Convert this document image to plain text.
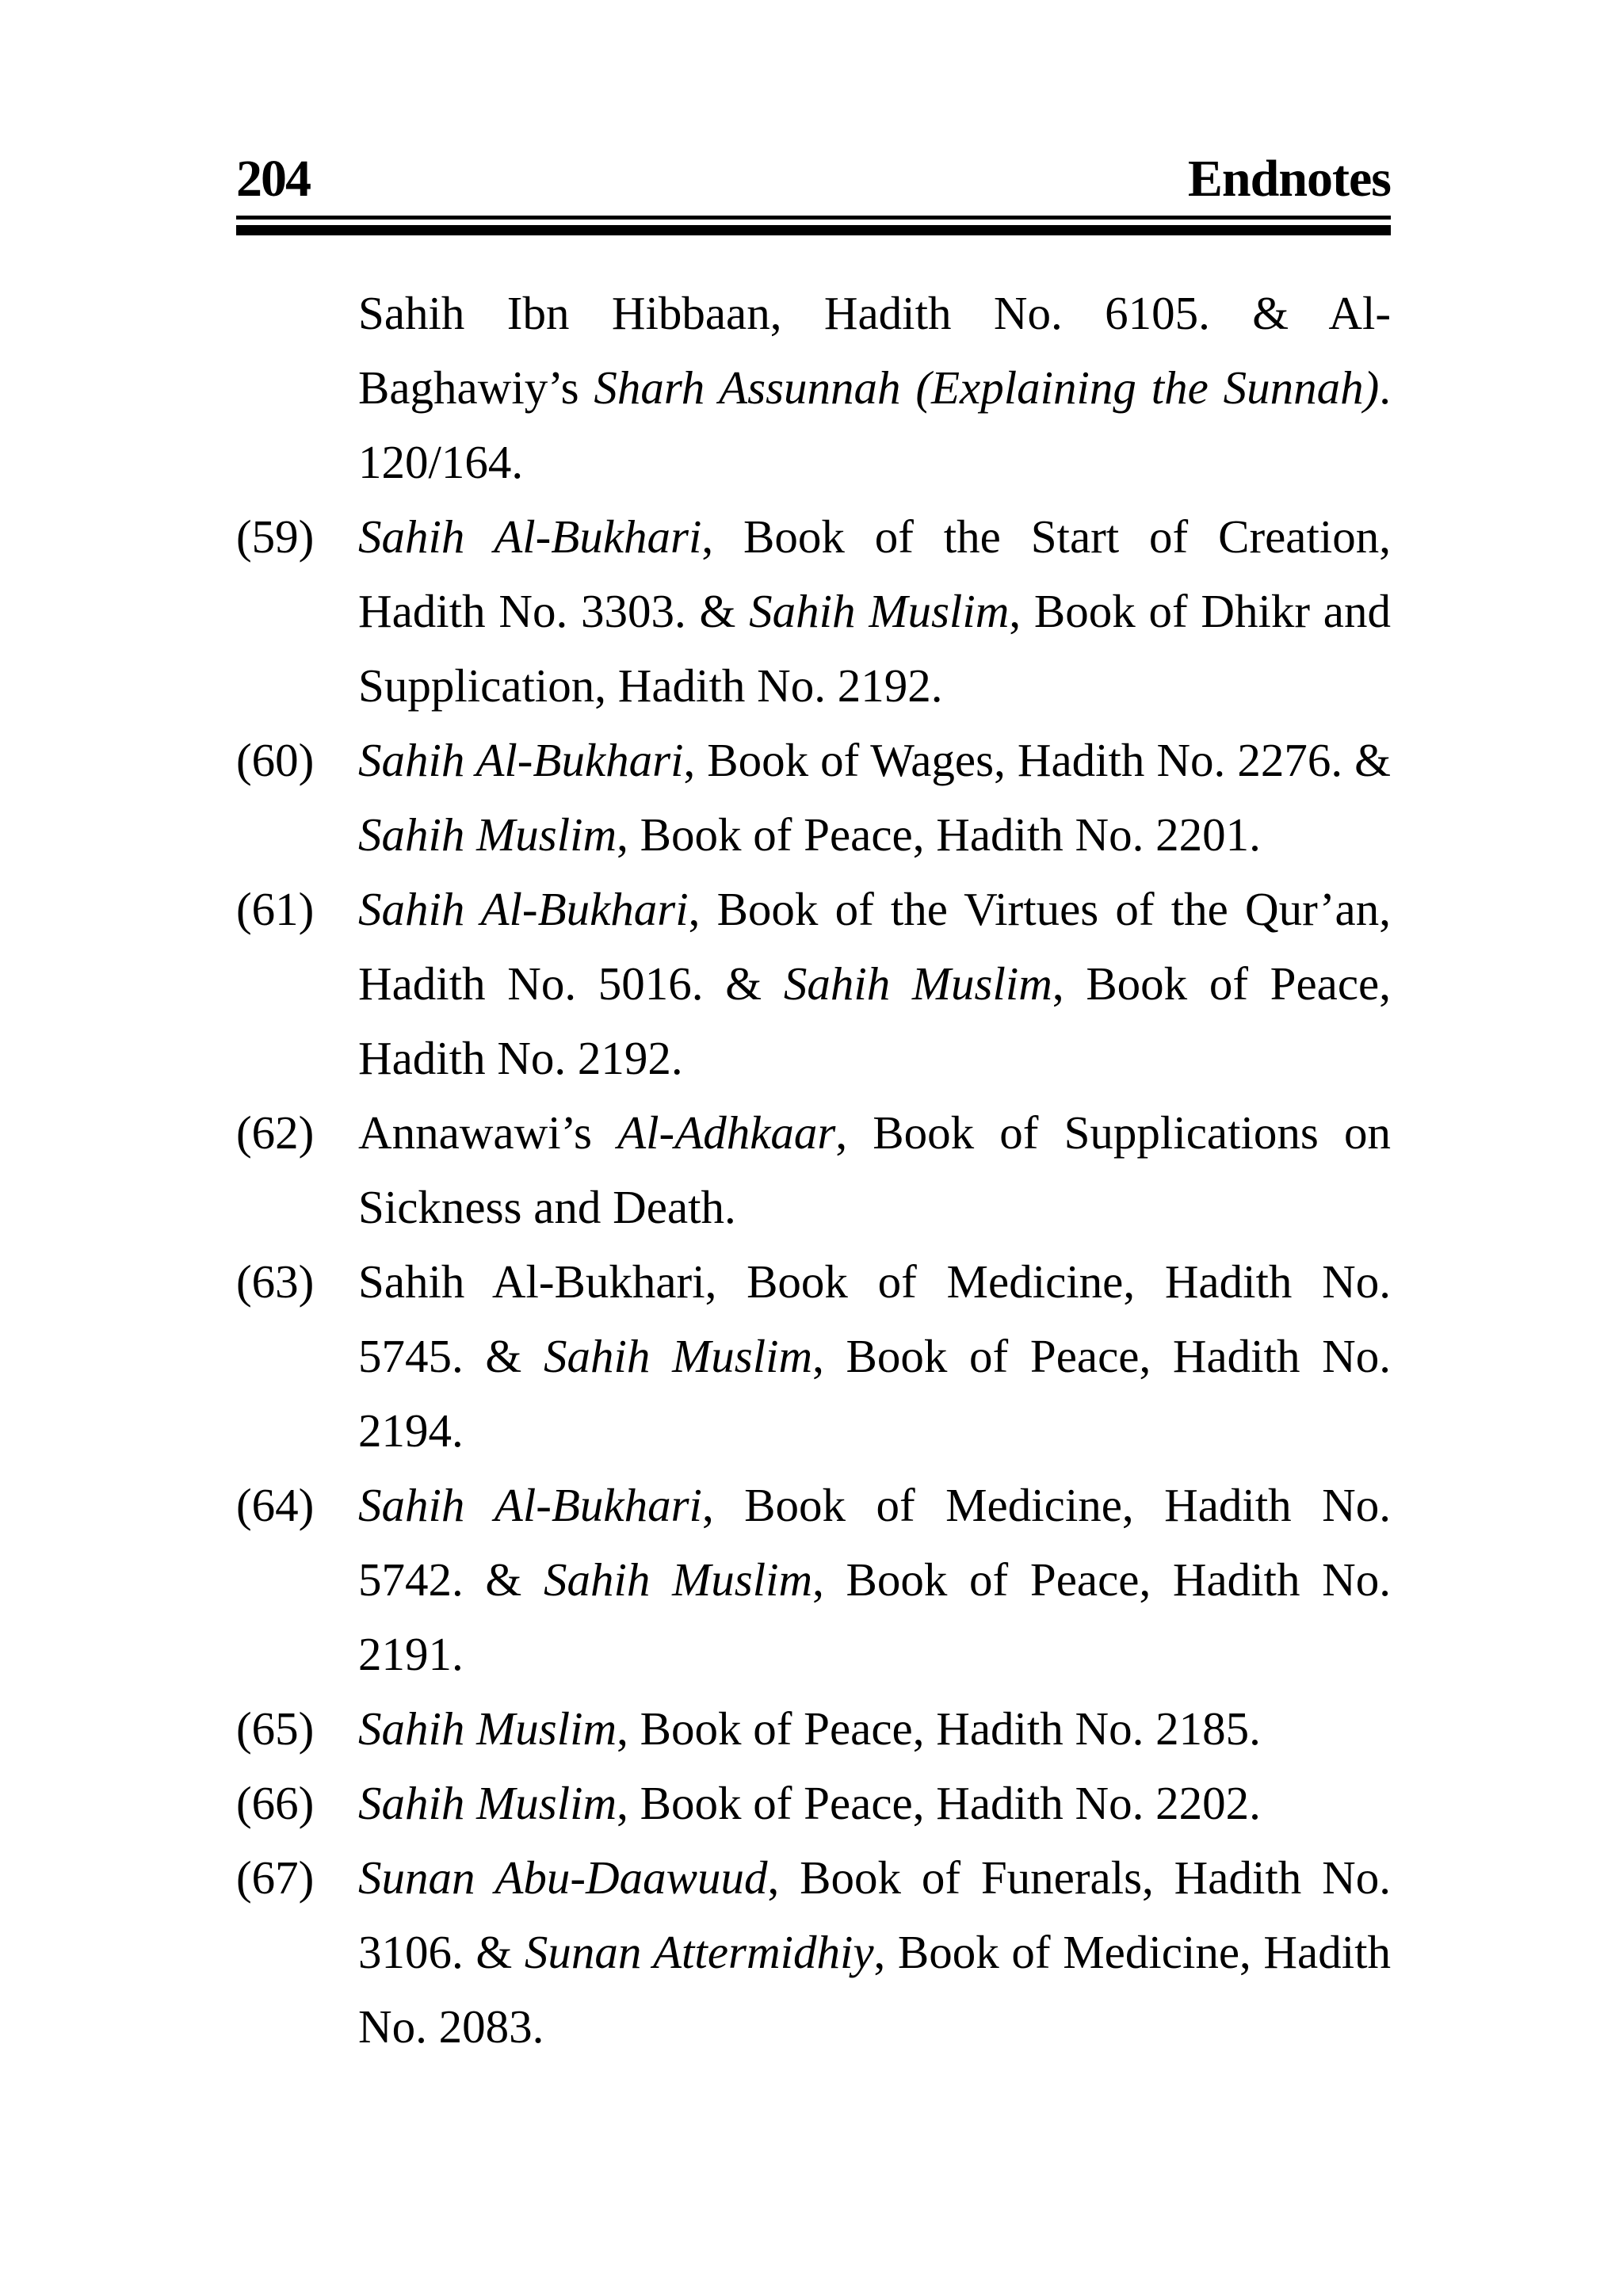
204	Endnotes
Sahih Ibn Hibbaan, Hadith No. 6105. & Al-Baghawiy’s Sharh Assunnah (Explaining the Sunnah). 120/164.
(59) Sahih Al-Bukhari, Book of the Start of Creation, Hadith No. 3303. & Sahih Muslim, Book of Dhikr and Supplication, Hadith No. 2192.
(60) Sahih Al-Bukhari, Book of Wages, Hadith No. 2276. & Sahih Muslim, Book of Peace, Hadith No. 2201.
(61) Sahih Al-Bukhari, Book of the Virtues of the Qur’an, Hadith No. 5016. & Sahih Muslim, Book of Peace, Hadith No. 2192.
(62) Annawawi’s Al-Adhkaar, Book of Supplications on Sickness and Death.
(63) Sahih Al-Bukhari, Book of Medicine, Hadith No. 5745. & Sahih Muslim, Book of Peace, Hadith No. 2194.
(64) Sahih Al-Bukhari, Book of Medicine, Hadith No. 5742. & Sahih Muslim, Book of Peace, Hadith No. 2191.
(65) Sahih Muslim, Book of Peace, Hadith No. 2185.
(66) Sahih Muslim, Book of Peace, Hadith No. 2202.
(67) Sunan Abu-Daawuud, Book of Funerals, Hadith No. 3106. & Sunan Attermidhiy, Book of Medicine, Hadith No. 2083.
